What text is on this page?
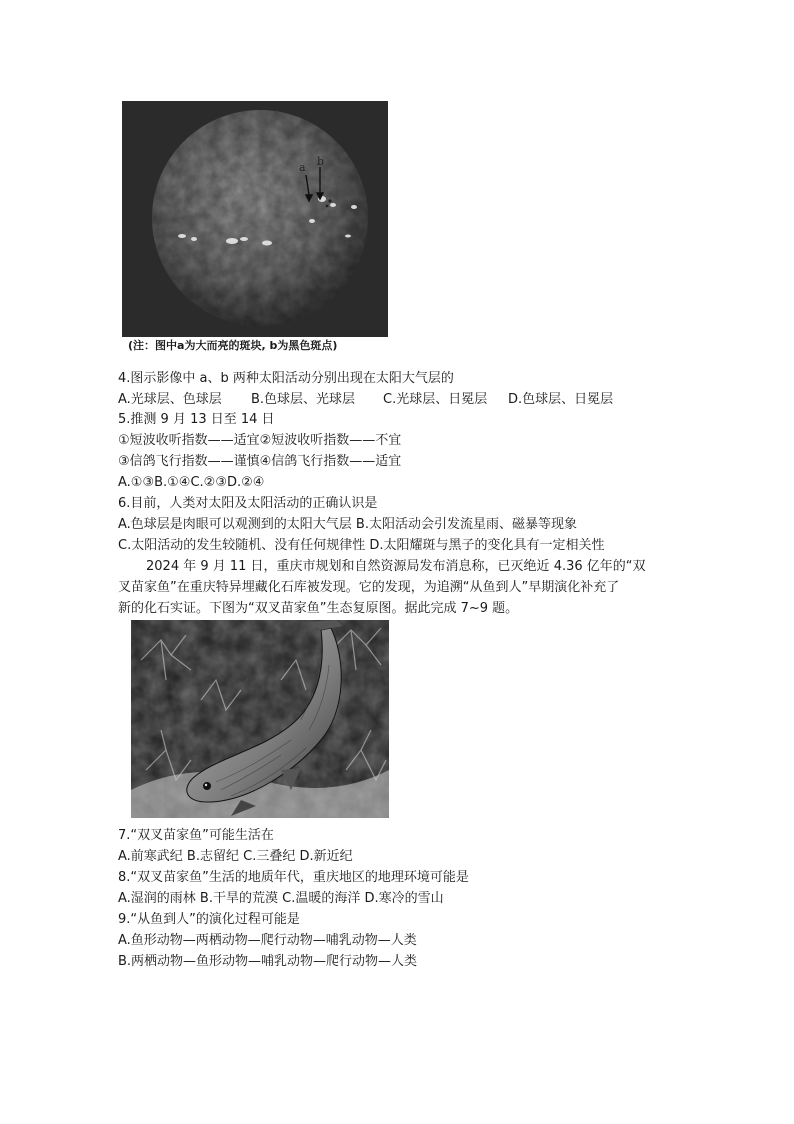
a b
(注：图中a为大而亮的斑块, b为黑色斑点)
4.图示影像中 a、b 两种太阳活动分别出现在太阳大气层的
A.光球层、色球层 B.色球层、光球层 C.光球层、日冕层 D.色球层、日冕层
5.推测 9 月 13 日至 14 日
①短波收听指数——适宜②短波收听指数——不宜
③信鸽飞行指数——谨慎④信鸽飞行指数——适宜
A.①③B.①④C.②③D.②④
6.目前，人类对太阳及太阳活动的正确认识是
A.色球层是肉眼可以观测到的太阳大气层 B.太阳活动会引发流星雨、磁暴等现象
C.太阳活动的发生较随机、没有任何规律性 D.太阳耀斑与黑子的变化具有一定相关性
2024 年 9 月 11 日，重庆市规划和自然资源局发布消息称，已灭绝近 4.36 亿年的“双
叉苗家鱼”在重庆特异埋藏化石库被发现。它的发现，为追溯“从鱼到人”早期演化补充了
新的化石实证。下图为“双叉苗家鱼”生态复原图。据此完成 7~9 题。
7.“双叉苗家鱼”可能生活在
A.前寒武纪 B.志留纪 C.三叠纪 D.新近纪
8.“双叉苗家鱼”生活的地质年代，重庆地区的地理环境可能是
A.湿润的雨林 B.干旱的荒漠 C.温暖的海洋 D.寒冷的雪山
9.“从鱼到人”的演化过程可能是
A.鱼形动物—两栖动物—爬行动物—哺乳动物—人类
B.两栖动物—鱼形动物—哺乳动物—爬行动物—人类
